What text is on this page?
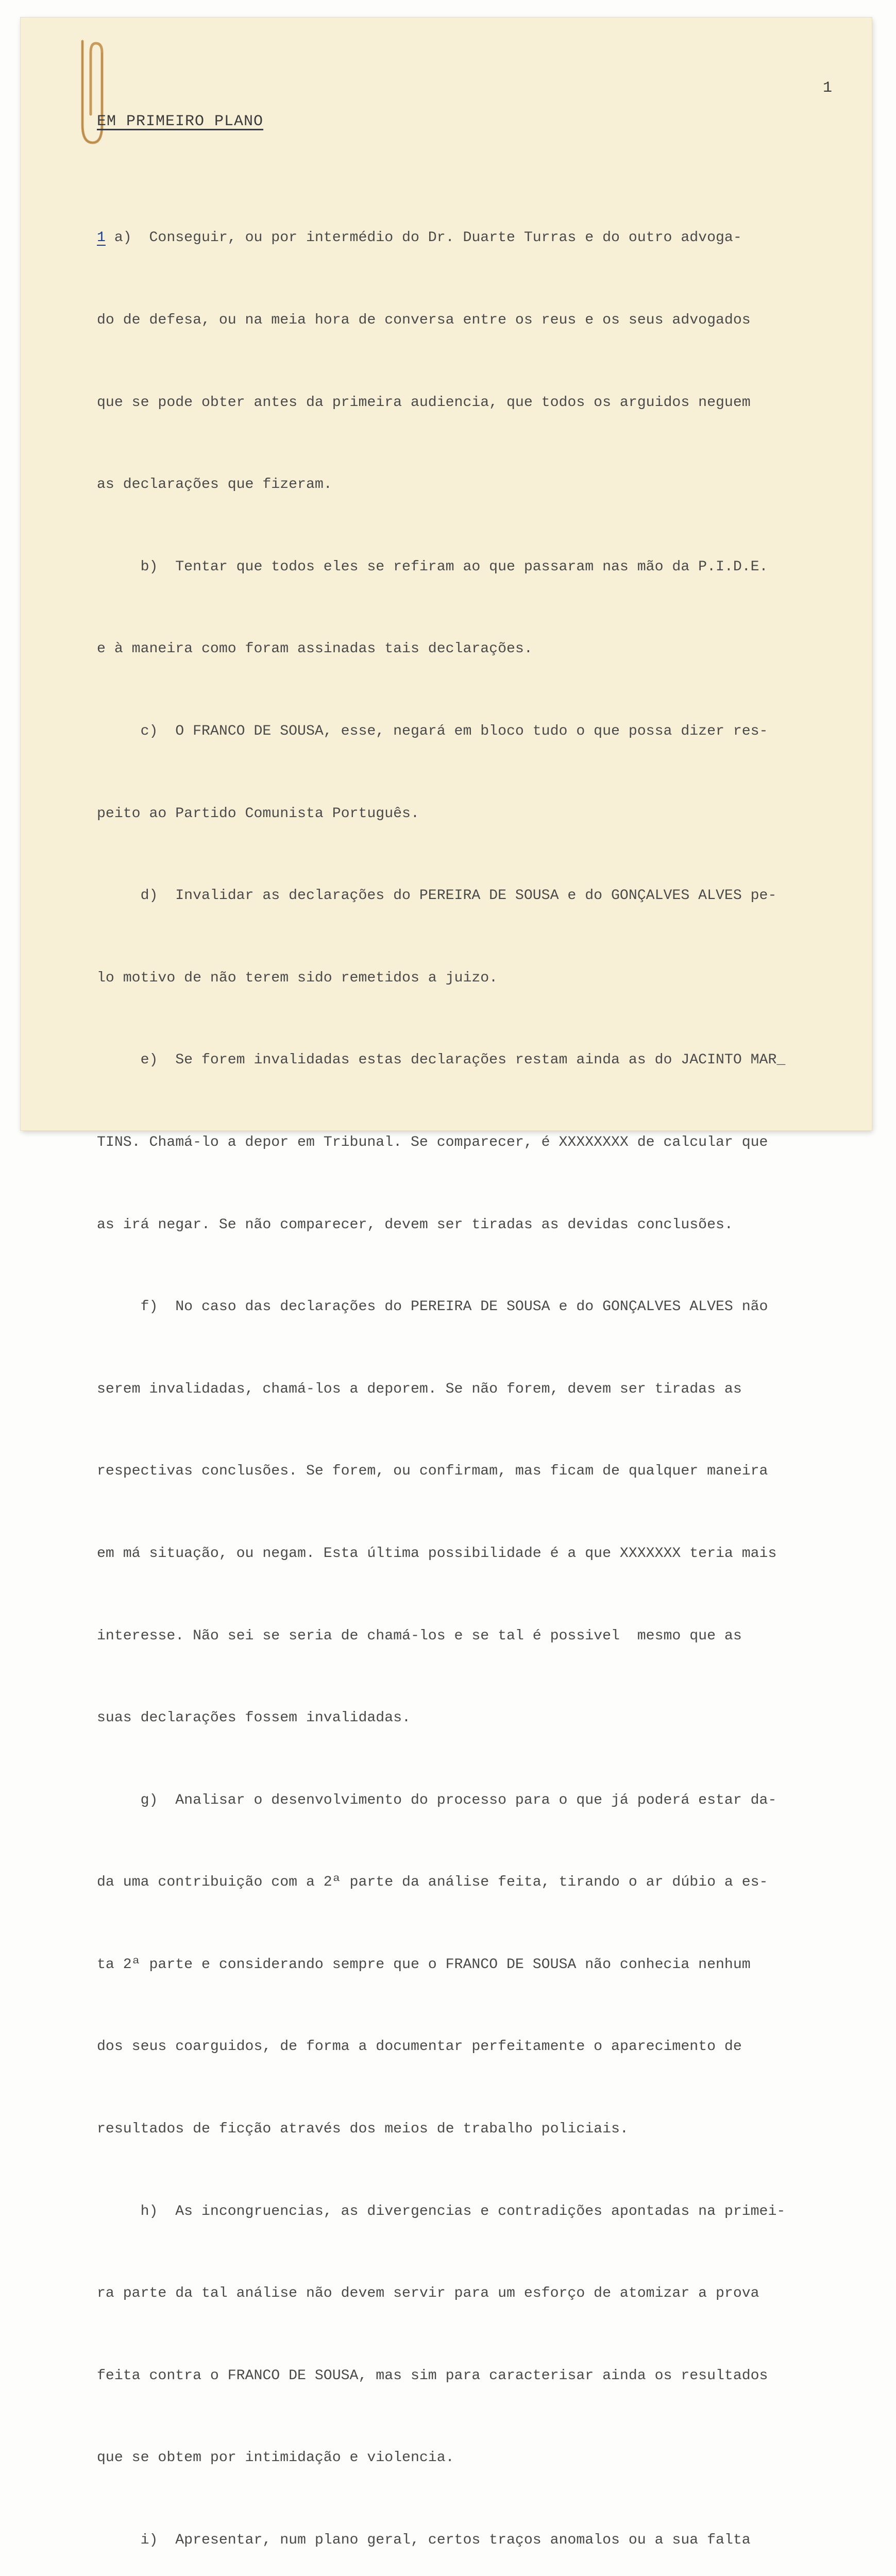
1
EM PRIMEIRO PLANO

1 a)  Conseguir, ou por intermédio do Dr. Duarte Turras e do outro advoga-

do de defesa, ou na meia hora de conversa entre os reus e os seus advogados

que se pode obter antes da primeira audiencia, que todos os arguidos neguem

as declarações que fizeram.

b)  Tentar que todos eles se refiram ao que passaram nas mão da P.I.D.E.

e à maneira como foram assinadas tais declarações.

c)  O FRANCO DE SOUSA, esse, negará em bloco tudo o que possa dizer res-

peito ao Partido Comunista Português.

d)  Invalidar as declarações do PEREIRA DE SOUSA e do GONÇALVES ALVES pe-

lo motivo de não terem sido remetidos a juizo.

e)  Se forem invalidadas estas declarações restam ainda as do JACINTO MAR_

TINS. Chamá-lo a depor em Tribunal. Se comparecer, é XXXXXXXX de calcular que

as irá negar. Se não comparecer, devem ser tiradas as devidas conclusões.

f)  No caso das declarações do PEREIRA DE SOUSA e do GONÇALVES ALVES não

serem invalidadas, chamá-los a deporem. Se não forem, devem ser tiradas as

respectivas conclusões. Se forem, ou confirmam, mas ficam de qualquer maneira

em má situação, ou negam. Esta última possibilidade é a que XXXXXXX teria mais

interesse. Não sei se seria de chamá-los e se tal é possivel  mesmo que as

suas declarações fossem invalidadas.

g)  Analisar o desenvolvimento do processo para o que já poderá estar da-

da uma contribuição com a 2ª parte da análise feita, tirando o ar dúbio a es-

ta 2ª parte e considerando sempre que o FRANCO DE SOUSA não conhecia nenhum

dos seus coarguidos, de forma a documentar perfeitamente o aparecimento de

resultados de ficção através dos meios de trabalho policiais.

h)  As incongruencias, as divergencias e contradições apontadas na primei-

ra parte da tal análise não devem servir para um esforço de atomizar a prova

feita contra o FRANCO DE SOUSA, mas sim para caracterisar ainda os resultados

que se obtem por intimidação e violencia.

i)  Apresentar, num plano geral, certos traços anomalos ou a sua falta
